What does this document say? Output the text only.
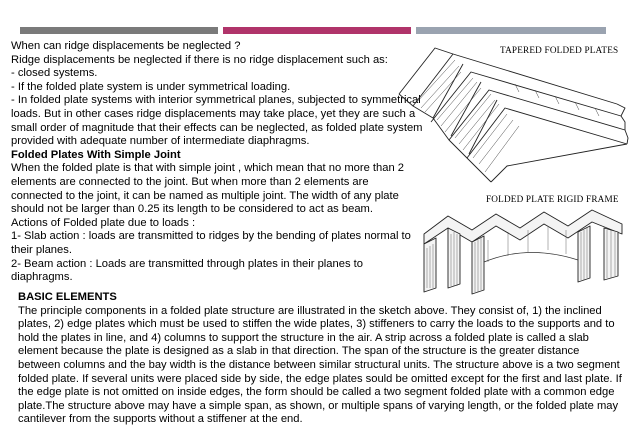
When can ridge displacements be neglected ?

Ridge displacements be neglected if there is no ridge displacement such as:

- closed systems.

- If the folded plate system is under symmetrical loading.

- In folded plate systems with interior symmetrical planes, subjected to symmetrical loads. But in other cases ridge displacements may take place, yet they are such a small order of magnitude that their effects can be neglected, as folded plate system provided with adequate number of intermediate diaphragms.

Folded Plates With Simple Joint

When the folded plate is that with simple joint , which mean that no more than 2 elements are connected to the joint. But when more than 2 elements are connected to the joint, it can be named as multiple joint. The width of any plate should not be larger than 0.25 its length to be considered to act as beam.

Actions of Folded plate due to loads :

1- Slab action : loads are transmitted to ridges by the bending of plates normal to their planes.

2- Beam action : Loads are transmitted through plates in their planes to diaphragms.

TAPERED FOLDED PLATES
FOLDED PLATE RIGID FRAME

BASIC ELEMENTS

The principle components in a folded plate structure are illustrated in the sketch above. They consist of, 1) the inclined plates, 2) edge plates which must be used to stiffen the wide plates, 3) stiffeners to carry the loads to the supports and to hold the plates in line, and 4) columns to support the structure in the air. A strip across a folded plate is called a slab element because the plate is designed as a slab in that direction. The span of the structure is the greater distance between columns and the bay width is the distance between similar structural units. The structure above is a two segment folded plate. If several units were placed side by side, the edge plates sould be omitted except for the first and last plate. If the edge plate is not omitted on inside edges, the form should be called a two segment folded plate with a common edge plate.The structure above may have a simple span, as shown, or multiple spans of varying length, or the folded plate may cantilever from the supports without a stiffener at the end.
